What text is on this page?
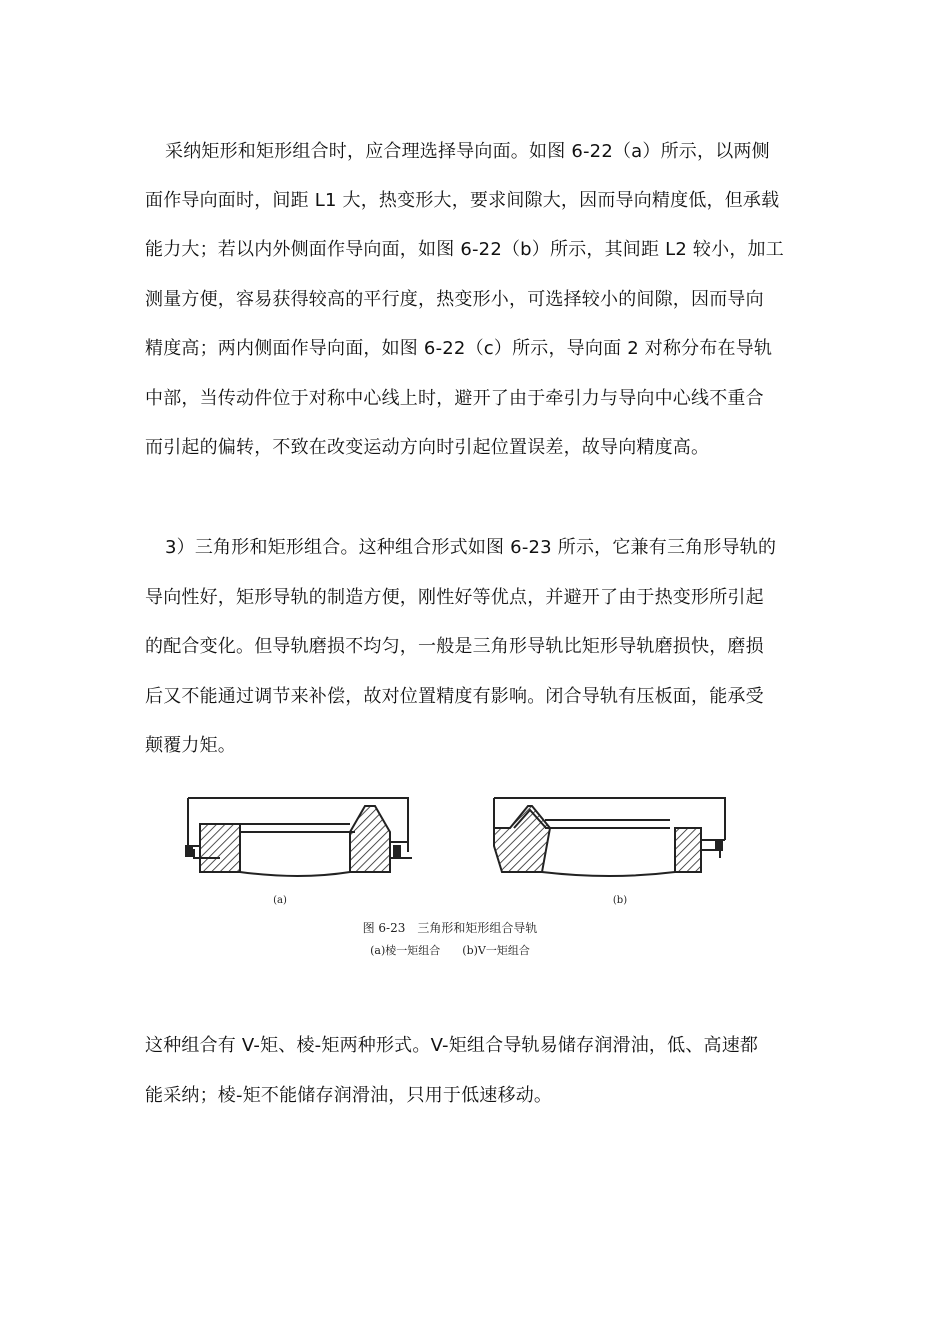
采纳矩形和矩形组合时，应合理选择导向面。如图 6-22（a）所示，以两侧
面作导向面时，间距 L1 大，热变形大，要求间隙大，因而导向精度低，但承载
能力大；若以内外侧面作导向面，如图 6-22（b）所示，其间距 L2 较小，加工
测量方便，容易获得较高的平行度，热变形小，可选择较小的间隙，因而导向
精度高；两内侧面作导向面，如图 6-22（c）所示，导向面 2 对称分布在导轨
中部，当传动件位于对称中心线上时，避开了由于牵引力与导向中心线不重合
而引起的偏转，不致在改变运动方向时引起位置误差，故导向精度高。
3）三角形和矩形组合。这种组合形式如图 6-23 所示，它兼有三角形导轨的
导向性好，矩形导轨的制造方便，刚性好等优点，并避开了由于热变形所引起
的配合变化。但导轨磨损不均匀，一般是三角形导轨比矩形导轨磨损快，磨损
后又不能通过调节来补偿，故对位置精度有影响。闭合导轨有压板面，能承受
颠覆力矩。
(a)	(b)
图 6-23　三角形和矩形组合导轨
(a)棱一矩组合　　(b)V一矩组合
这种组合有 V-矩、棱-矩两种形式。V-矩组合导轨易储存润滑油，低、高速都
能采纳；棱-矩不能储存润滑油，只用于低速移动。
